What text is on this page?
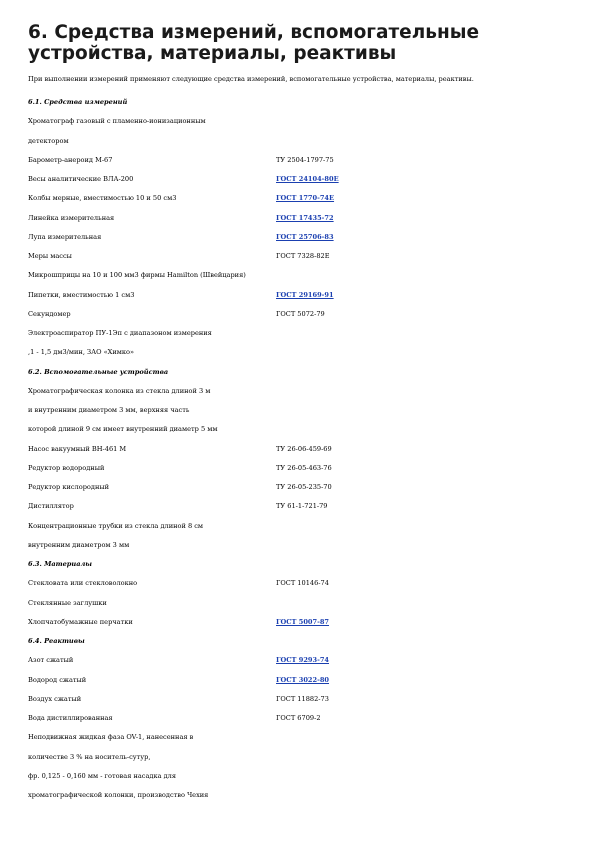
6. Средства измерений, вспомогательные устройства, материалы, реактивы
При выполнении измерений применяют следующие средства измерений, вспомогательные устройства, материалы, реактивы.
6.1. Средства измерений
Хроматограф газовый с пламенно-ионизационным
детектором
Барометр-анероид М-67	ТУ 2504-1797-75
Весы аналитические ВЛА-200	ГОСТ 24104-80Е
Колбы мерные, вместимостью 10 и 50 см3	ГОСТ 1770-74Е
Линейка измерительная	ГОСТ 17435-72
Лупа измерительная	ГОСТ 25706-83
Меры массы	ГОСТ 7328-82Е
Микрошприцы на 10 и 100 мм3 фирмы Hamilton (Швейцария)
Пипетки, вместимостью 1 см3	ГОСТ 29169-91
Секундомер	ГОСТ 5072-79
Электроаспиратор ПУ-1Эп с диапазоном измерения
,1 - 1,5 дм3/мин, ЗАО «Химко»
6.2. Вспомогательные устройства
Хроматографическая колонка из стекла длиной 3 м
и внутренним диаметром 3 мм, верхняя часть
которой длиной 9 см имеет внутренний диаметр 5 мм
Насос вакуумный ВН-461 М	ТУ 26-06-459-69
Редуктор водородный	ТУ 26-05-463-76
Редуктор кислородный	ТУ 26-05-235-70
Дистиллятор	ТУ 61-1-721-79
Концентрационные трубки из стекла длиной 8 см
внутренним диаметром 3 мм
6.3. Материалы
Стекловата или стекловолокно	ГОСТ 10146-74
Стеклянные заглушки
Хлопчатобумажные перчатки	ГОСТ 5007-87
6.4. Реактивы
Азот сжатый	ГОСТ 9293-74
Водород сжатый	ГОСТ 3022-80
Воздух сжатый	ГОСТ 11882-73
Вода дистиллированная	ГОСТ 6709-2
Неподвижная жидкая фаза OV-1, нанесенная в
количестве 3 % на носитель-сутур,
фр. 0,125 - 0,160 мм - готовая насадка для
хроматографической колонки, производство Чехия
